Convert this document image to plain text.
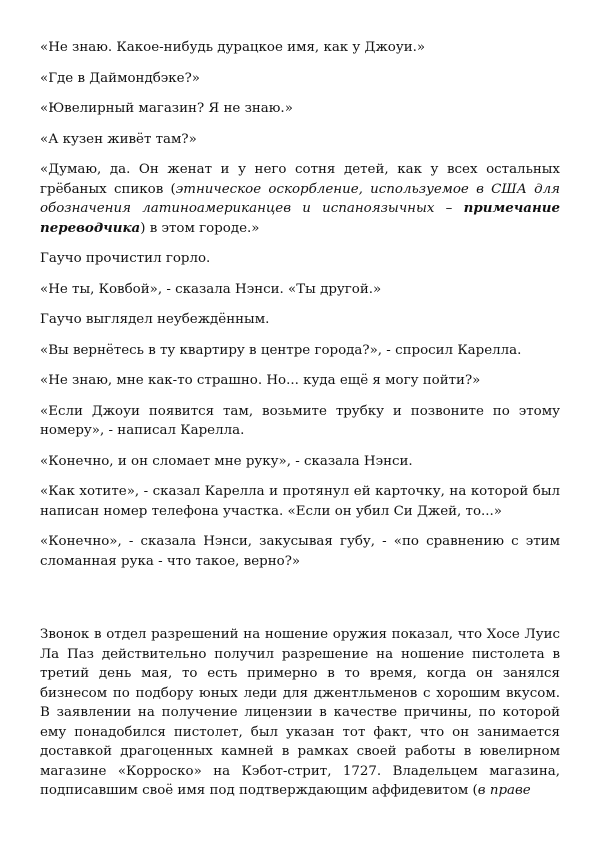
«Не знаю. Какое-нибудь дурацкое имя, как у Джоуи.»

«Где в Даймондбэке?»

«Ювелирный магазин? Я не знаю.»

«А кузен живёт там?»

«Думаю, да. Он женат и у него сотня детей, как у всех остальных грёбаных спиков (этническое оскорбление, используемое в США для обозначения латиноамериканцев и испаноязычных – примечание переводчика) в этом городе.»

Гаучо прочистил горло.

«Не ты, Ковбой», - сказала Нэнси. «Ты другой.»

Гаучо выглядел неубеждённым.

«Вы вернётесь в ту квартиру в центре города?», - спросил Карелла.

«Не знаю, мне как-то страшно. Но... куда ещё я могу пойти?»

«Если Джоуи появится там, возьмите трубку и позвоните по этому номеру», - написал Карелла.

«Конечно, и он сломает мне руку», - сказала Нэнси.

«Как хотите», - сказал Карелла и протянул ей карточку, на которой был написан номер телефона участка. «Если он убил Си Джей, то...»

«Конечно», - сказала Нэнси, закусывая губу, - «по сравнению с этим сломанная рука - что такое, верно?»

Звонок в отдел разрешений на ношение оружия показал, что Хосе Луис Ла Паз действительно получил разрешение на ношение пистолета в третий день мая, то есть примерно в то время, когда он занялся бизнесом по подбору юных леди для джентльменов с хорошим вкусом. В заявлении на получение лицензии в качестве причины, по которой ему понадобился пистолет, был указан тот факт, что он занимается доставкой драгоценных камней в рамках своей работы в ювелирном магазине «Корроско» на Кэбот-стрит, 1727. Владельцем магазина, подписавшим своё имя под подтверждающим аффидевитом (в праве
